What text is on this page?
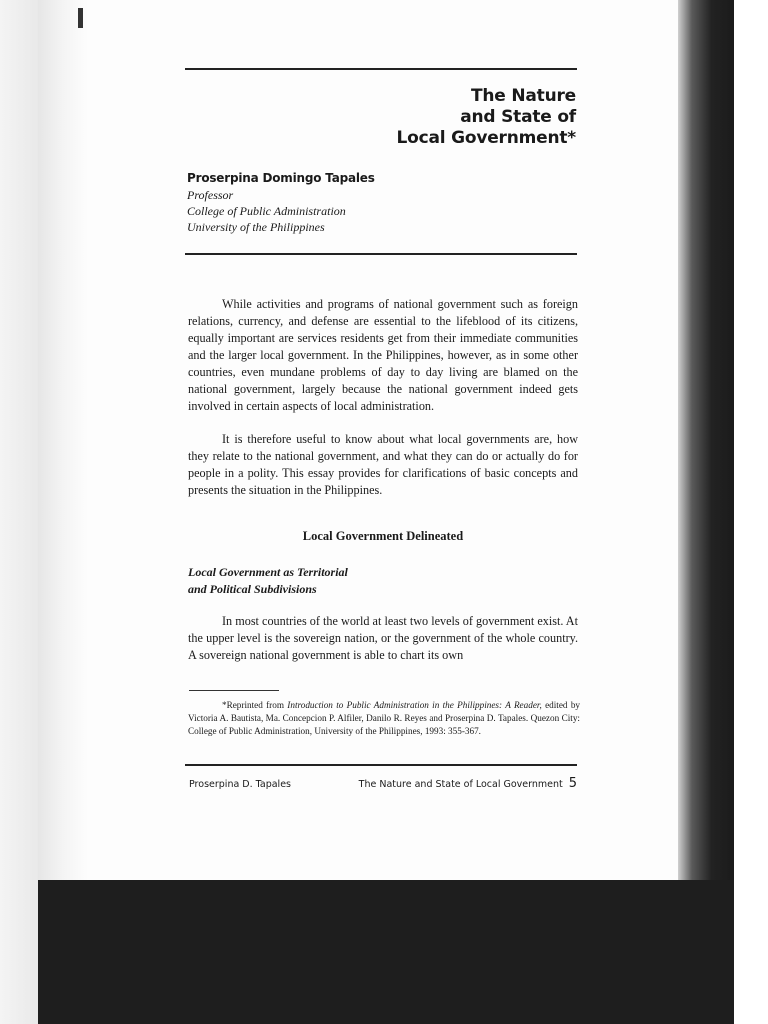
The Nature
and State of
Local Government*
Proserpina Domingo Tapales
Professor
College of Public Administration
University of the Philippines

While activities and programs of national government such as foreign relations, currency, and defense are essential to the lifeblood of its citizens, equally important are services residents get from their immediate communities and the larger local government. In the Philippines, however, as in some other countries, even mundane problems of day to day living are blamed on the national government, largely because the national government indeed gets involved in certain aspects of local administration.

It is therefore useful to know about what local governments are, how they relate to the national government, and what they can do or actually do for people in a polity. This essay provides for clarifications of basic concepts and presents the situation in the Philippines.

Local Government Delineated
Local Government as Territorial
and Political Subdivisions

In most countries of the world at least two levels of government exist. At the upper level is the sovereign nation, or the government of the whole country. A sovereign national government is able to chart its own

*Reprinted from Introduction to Public Administration in the Philippines: A Reader, edited by Victoria A. Bautista, Ma. Concepcion P. Alfiler, Danilo R. Reyes and Proserpina D. Tapales. Quezon City: College of Public Administration, University of the Philippines, 1993: 355-367.

Proserpina D. Tapales	The Nature and State of Local Government 5
